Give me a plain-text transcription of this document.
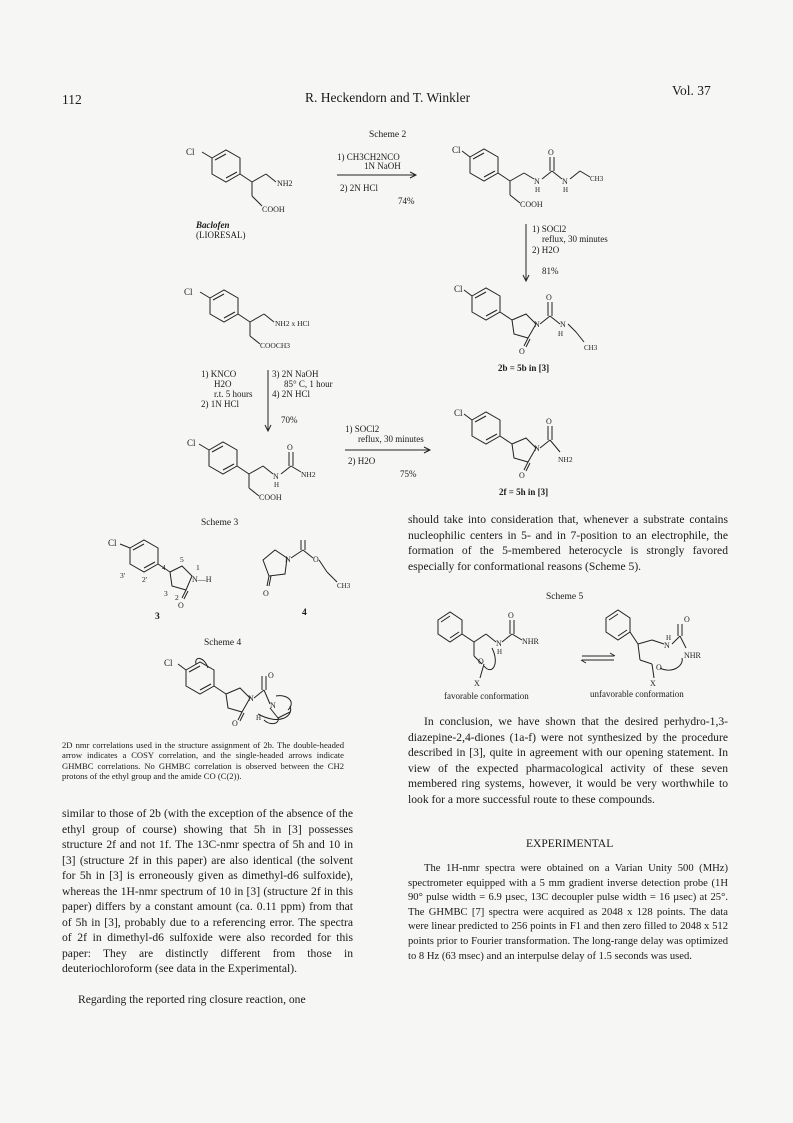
112	R. Heckendorn and T. Winkler	Vol. 37
Scheme 2
Cl
NH2
COOH
Baclofen
(LIORESAL)
1) CH3CH2NCO
1N NaOH
2) 2N HCl
74%
Cl	O
N
H
N
H
CH3
COOH
1) SOCl2
reflux, 30 minutes
2) H2O
81%
Cl
NH2 x HCl
COOCH3
Cl
N
O
N
H
O	CH3
2b = 5b in [3]
1) KNCO
H2O
r.t. 5 hours
2) 1N HCl
3) 2N NaOH
85° C, 1 hour
4) 2N HCl
70%
Cl	O
N
H
NH2
COOH
1) SOCl2
reflux, 30 minutes
2) H2O
75%
Cl
N
O
NH2
O
2f = 5h in [3]
Scheme 3
Cl
3' 2'
4
5
1
3 2
N—H
O
3
N	O
O
CH3
4
Scheme 4
Cl
N
O
N
H
O

2D nmr correlations used in the structure assignment of 2b. The double-headed arrow indicates a COSY correlation, and the single-headed arrows indicate GHMBC correlations. No GHMBC correlation is observed between the CH2 protons of the ethyl group and the amide CO (C(2)).

similar to those of 2b (with the exception of the absence of the ethyl group of course) showing that 5h in [3] possesses structure 2f and not 1f. The 13C-nmr spectra of 5h and 10 in [3] (structure 2f in this paper) are also identical (the solvent for 5h in [3] is erroneously given as dimethyl-d6 sulfoxide), whereas the 1H-nmr spectrum of 10 in [3] (structure 2f in this paper) differs by a constant amount (ca. 0.11 ppm) from that of 5h in [3], probably due to a referencing error. The spectra of 2f in dimethyl-d6 sulfoxide were also recorded for this paper: They are distinctly different from those in deuteriochloroform (see data in the Experimental).

Regarding the reported ring closure reaction, one

should take into consideration that, whenever a substrate contains nucleophilic centers in 5- and in 7-position to an electrophile, the formation of the 5-membered heterocycle is strongly favored especially for conformational reasons (Scheme 5).

Scheme 5
N
H
O
NHR
O
X
N
H
O
NHR
O
X
favorable conformation	unfavorable conformation

In conclusion, we have shown that the desired perhydro-1,3-diazepine-2,4-diones (1a-f) were not synthesized by the procedure described in [3], quite in agreement with our opening statement. In view of the expected pharmacological activity of these seven membered ring systems, however, it would be very worthwhile to look for a more successful route to these compounds.

EXPERIMENTAL

The 1H-nmr spectra were obtained on a Varian Unity 500 (MHz) spectrometer equipped with a 5 mm gradient inverse detection probe (1H 90° pulse width = 6.9 µsec, 13C decoupler pulse width = 16 µsec) at 25°. The GHMBC [7] spectra were acquired as 2048 x 128 points. The data were linear predicted to 256 points in F1 and then zero filled to 2048 x 512 points prior to Fourier transformation. The long-range delay was optimized to 8 Hz (63 msec) and an interpulse delay of 1.5 seconds was used.
